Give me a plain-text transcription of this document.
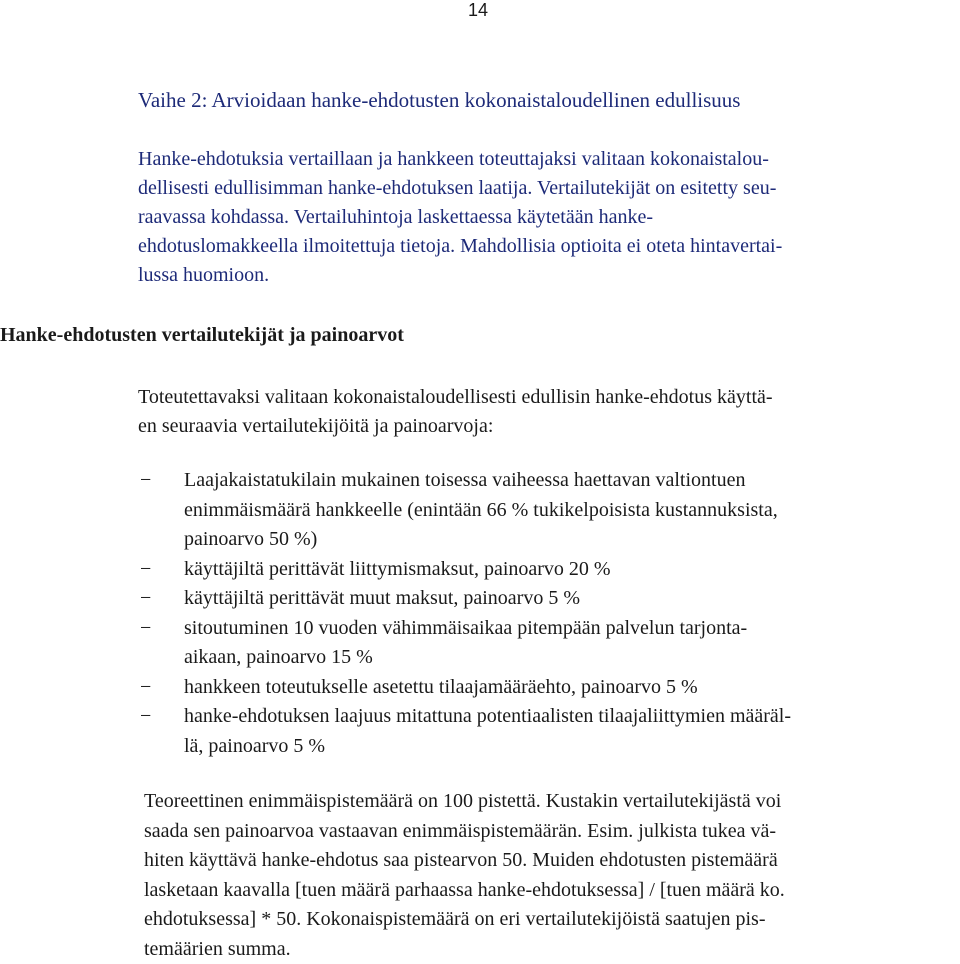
14
Vaihe 2: Arvioidaan hanke-ehdotusten kokonaistaloudellinen edullisuus
Hanke-ehdotuksia vertaillaan ja hankkeen toteuttajaksi valitaan kokonaistalou-
dellisesti edullisimman hanke-ehdotuksen laatija. Vertailutekijät on esitetty seu-
raavassa kohdassa. Vertailuhintoja laskettaessa käytetään hanke-
ehdotuslomakkeella ilmoitettuja tietoja. Mahdollisia optioita ei oteta hintavertai-
lussa huomioon.
Hanke-ehdotusten vertailutekijät ja painoarvot
Toteutettavaksi valitaan kokonaistaloudellisesti edullisin hanke-ehdotus käyttä-
en seuraavia vertailutekijöitä ja painoarvoja:
−	Laajakaistatukilain mukainen toisessa vaiheessa haettavan valtiontuen
enimmäismäärä hankkeelle (enintään 66 % tukikelpoisista kustannuksista,
painoarvo 50 %)
−	käyttäjiltä perittävät liittymismaksut, painoarvo 20 %
−	käyttäjiltä perittävät muut maksut, painoarvo 5 %
−	sitoutuminen 10 vuoden vähimmäisaikaa pitempään palvelun tarjonta-
aikaan, painoarvo 15 %
−	hankkeen toteutukselle asetettu tilaajamääräehto, painoarvo 5 %
−	hanke-ehdotuksen laajuus mitattuna potentiaalisten tilaajaliittymien määräl-
lä, painoarvo 5 %
Teoreettinen enimmäispistemäärä on 100 pistettä. Kustakin vertailutekijästä voi
saada sen painoarvoa vastaavan enimmäispistemäärän. Esim. julkista tukea vä-
hiten käyttävä hanke-ehdotus saa pistearvon 50. Muiden ehdotusten pistemäärä
lasketaan kaavalla [tuen määrä parhaassa hanke-ehdotuksessa] / [tuen määrä ko.
ehdotuksessa] * 50. Kokonaispistemäärä on eri vertailutekijöistä saatujen pis-
temäärien summa.
